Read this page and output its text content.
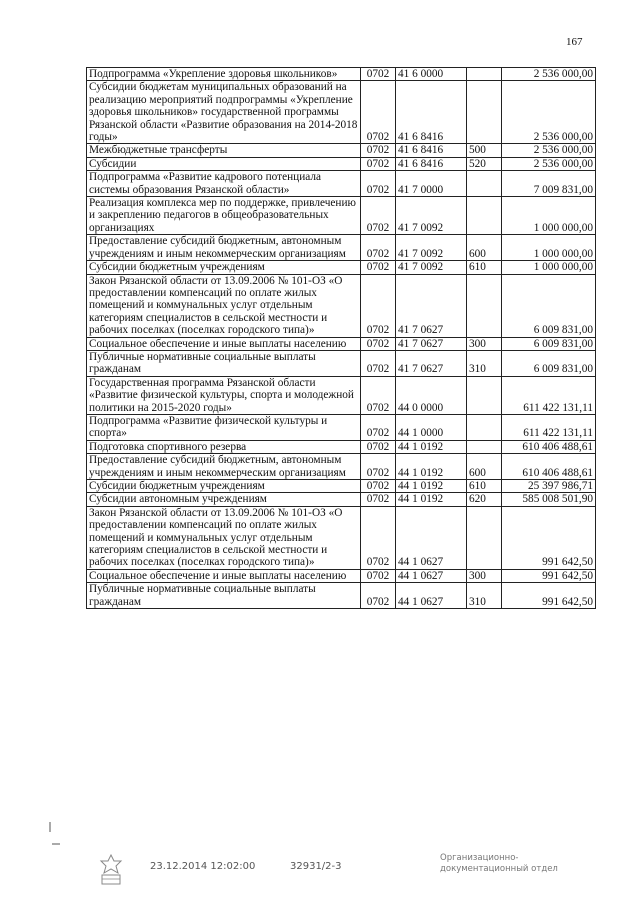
167
Подпрограмма «Укрепление здоровья школьников»	0702	41 6 0000		2 536 000,00
Субсидии бюджетам муниципальных образований на реализацию мероприятий подпрограммы «Укрепление здоровья школьников» государственной программы Рязанской области «Развитие образования на 2014-2018 годы»	0702	41 6 8416		2 536 000,00
Межбюджетные трансферты	0702	41 6 8416	500	2 536 000,00
Субсидии	0702	41 6 8416	520	2 536 000,00
Подпрограмма «Развитие кадрового потенциала системы образования Рязанской области»	0702	41 7 0000		7 009 831,00
Реализация комплекса мер по поддержке, привлечению и закреплению педагогов в общеобразовательных организациях	0702	41 7 0092		1 000 000,00
Предоставление субсидий бюджетным, автономным учреждениям и иным некоммерческим организациям	0702	41 7 0092	600	1 000 000,00
Субсидии бюджетным учреждениям	0702	41 7 0092	610	1 000 000,00
Закон Рязанской области от 13.09.2006 № 101-ОЗ «О предоставлении компенсаций по оплате жилых помещений и коммунальных услуг отдельным категориям специалистов в сельской местности и рабочих поселках (поселках городского типа)»	0702	41 7 0627		6 009 831,00
Социальное обеспечение и иные выплаты населению	0702	41 7 0627	300	6 009 831,00
Публичные нормативные социальные выплаты гражданам	0702	41 7 0627	310	6 009 831,00
Государственная программа Рязанской области «Развитие физической культуры, спорта и молодежной политики на 2015-2020 годы»	0702	44 0 0000		611 422 131,11
Подпрограмма «Развитие физической культуры и спорта»	0702	44 1 0000		611 422 131,11
Подготовка спортивного резерва	0702	44 1 0192		610 406 488,61
Предоставление субсидий бюджетным, автономным учреждениям и иным некоммерческим организациям	0702	44 1 0192	600	610 406 488,61
Субсидии бюджетным учреждениям	0702	44 1 0192	610	25 397 986,71
Субсидии автономным учреждениям	0702	44 1 0192	620	585 008 501,90
Закон Рязанской области от 13.09.2006 № 101-ОЗ «О предоставлении компенсаций по оплате жилых помещений и коммунальных услуг отдельным категориям специалистов в сельской местности и рабочих поселках (поселках городского типа)»	0702	44 1 0627		991 642,50
Социальное обеспечение и иные выплаты населению	0702	44 1 0627	300	991 642,50
Публичные нормативные социальные выплаты гражданам	0702	44 1 0627	310	991 642,50
23.12.2014 12:02:00	32931/2-3
Организационно-
документационный отдел
